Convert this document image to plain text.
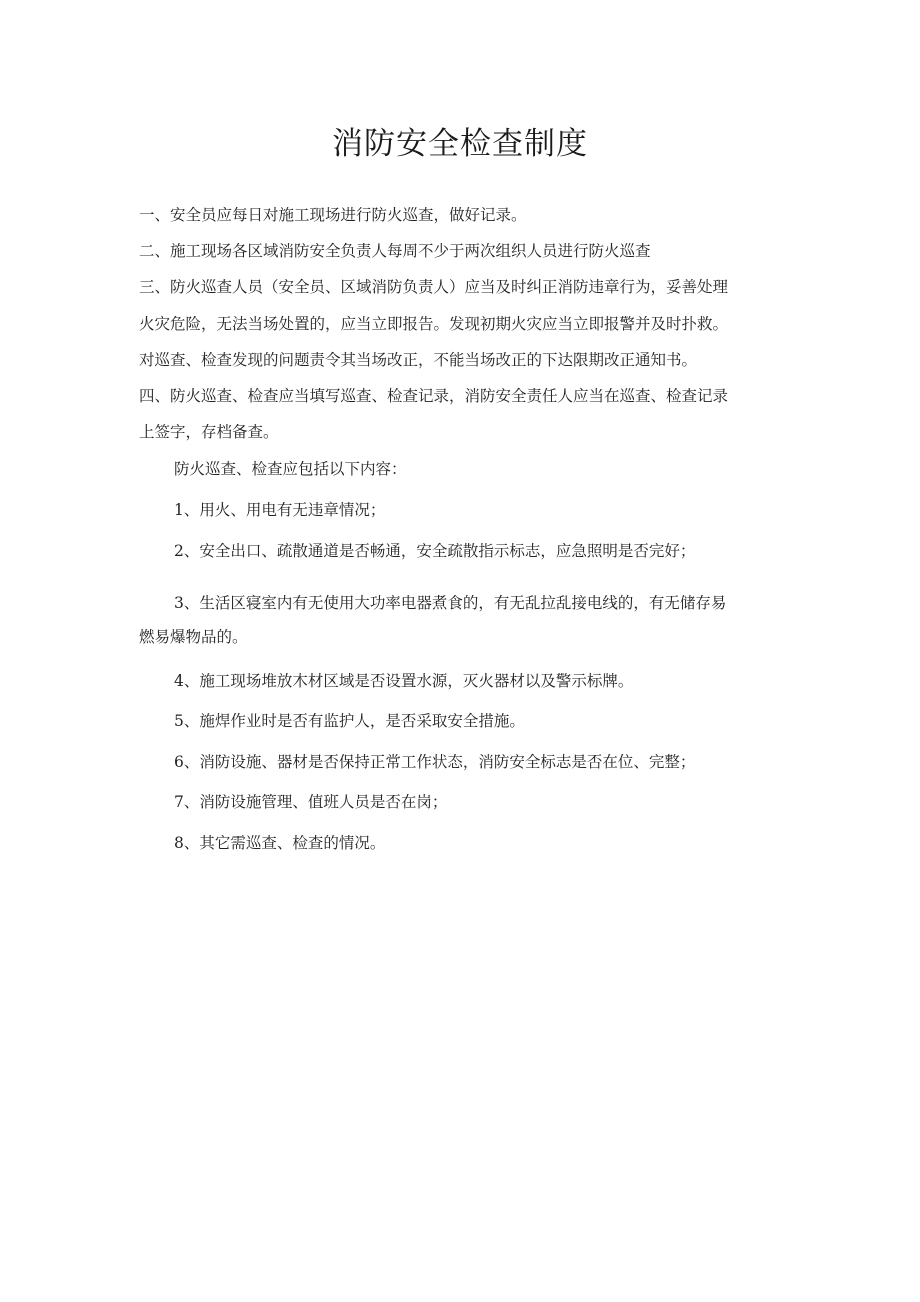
消防安全检查制度
一、安全员应每日对施工现场进行防火巡查，做好记录。
二、施工现场各区域消防安全负责人每周不少于两次组织人员进行防火巡查
三、防火巡查人员（安全员、区域消防负责人）应当及时纠正消防违章行为，妥善处理
火灾危险，无法当场处置的，应当立即报告。发现初期火灾应当立即报警并及时扑救。
对巡查、检查发现的问题责令其当场改正，不能当场改正的下达限期改正通知书。
四、防火巡查、检查应当填写巡查、检查记录，消防安全责任人应当在巡查、检查记录
上签字，存档备查。
防火巡查、检查应包括以下内容：
1、用火、用电有无违章情况；
2、安全出口、疏散通道是否畅通，安全疏散指示标志，应急照明是否完好；
3、生活区寝室内有无使用大功率电器煮食的，有无乱拉乱接电线的，有无储存易
燃易爆物品的。
4、施工现场堆放木材区域是否设置水源，灭火器材以及警示标牌。
5、施焊作业时是否有监护人，是否采取安全措施。
6、消防设施、器材是否保持正常工作状态，消防安全标志是否在位、完整；
7、消防设施管理、值班人员是否在岗；
8、其它需巡查、检查的情况。
